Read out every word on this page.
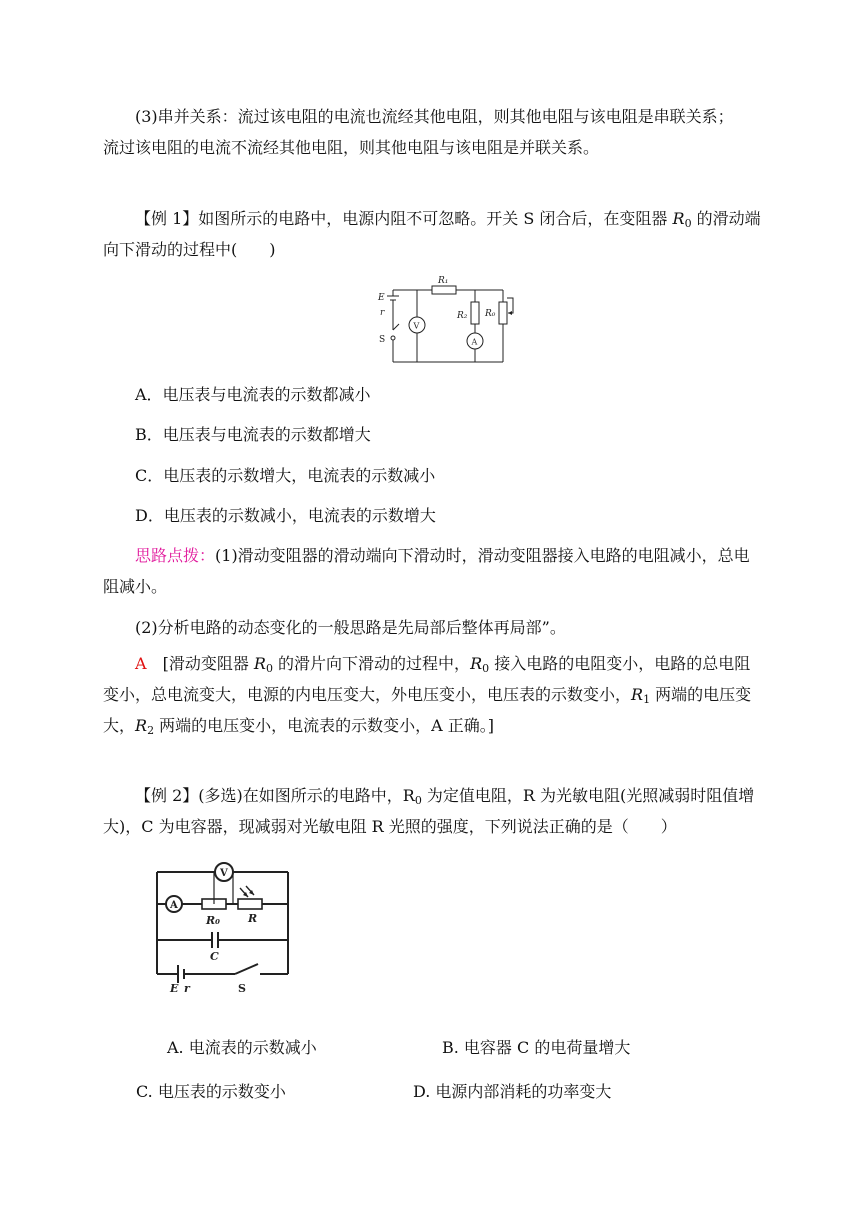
(3)串并关系：流过该电阻的电流也流经其他电阻，则其他电阻与该电阻是串联关系；
流过该电阻的电流不流经其他电阻，则其他电阻与该电阻是并联关系。
【例 1】如图所示的电路中，电源内阻不可忽略。开关 S 闭合后，在变阻器 $R_0$ 的滑动端向下滑动的过程中(　　)
E
r
S
R₁
R₂ R₀
V
A
A．电压表与电流表的示数都减小
B．电压表与电流表的示数都增大
C．电压表的示数增大，电流表的示数减小
D．电压表的示数减小，电流表的示数增大
思路点拨：(1)滑动变阻器的滑动端向下滑动时，滑动变阻器接入电路的电阻减小，总电阻减小。
(2)分析电路的动态变化的一般思路是先局部后整体再局部”。
A　 [滑动变阻器 $R_0$ 的滑片向下滑动的过程中，$R_0$ 接入电路的电阻变小，电路的总电阻变小，总电流变大，电源的内电压变大，外电压变小，电压表的示数变小，$R_1$ 两端的电压变大，$R_2$ 两端的电压变小，电流表的示数变小，A 正确。]
【例 2】(多选)在如图所示的电路中，$R_0$ 为定值电阻，R 为光敏电阻(光照减弱时阻值增大)，C 为电容器，现减弱对光敏电阻 R 光照的强度，下列说法正确的是（　　）
V
A
R₀	R
C
E r	S
A. 电流表的示数减小	B. 电容器 C 的电荷量增大
C. 电压表的示数变小	D. 电源内部消耗的功率变大
